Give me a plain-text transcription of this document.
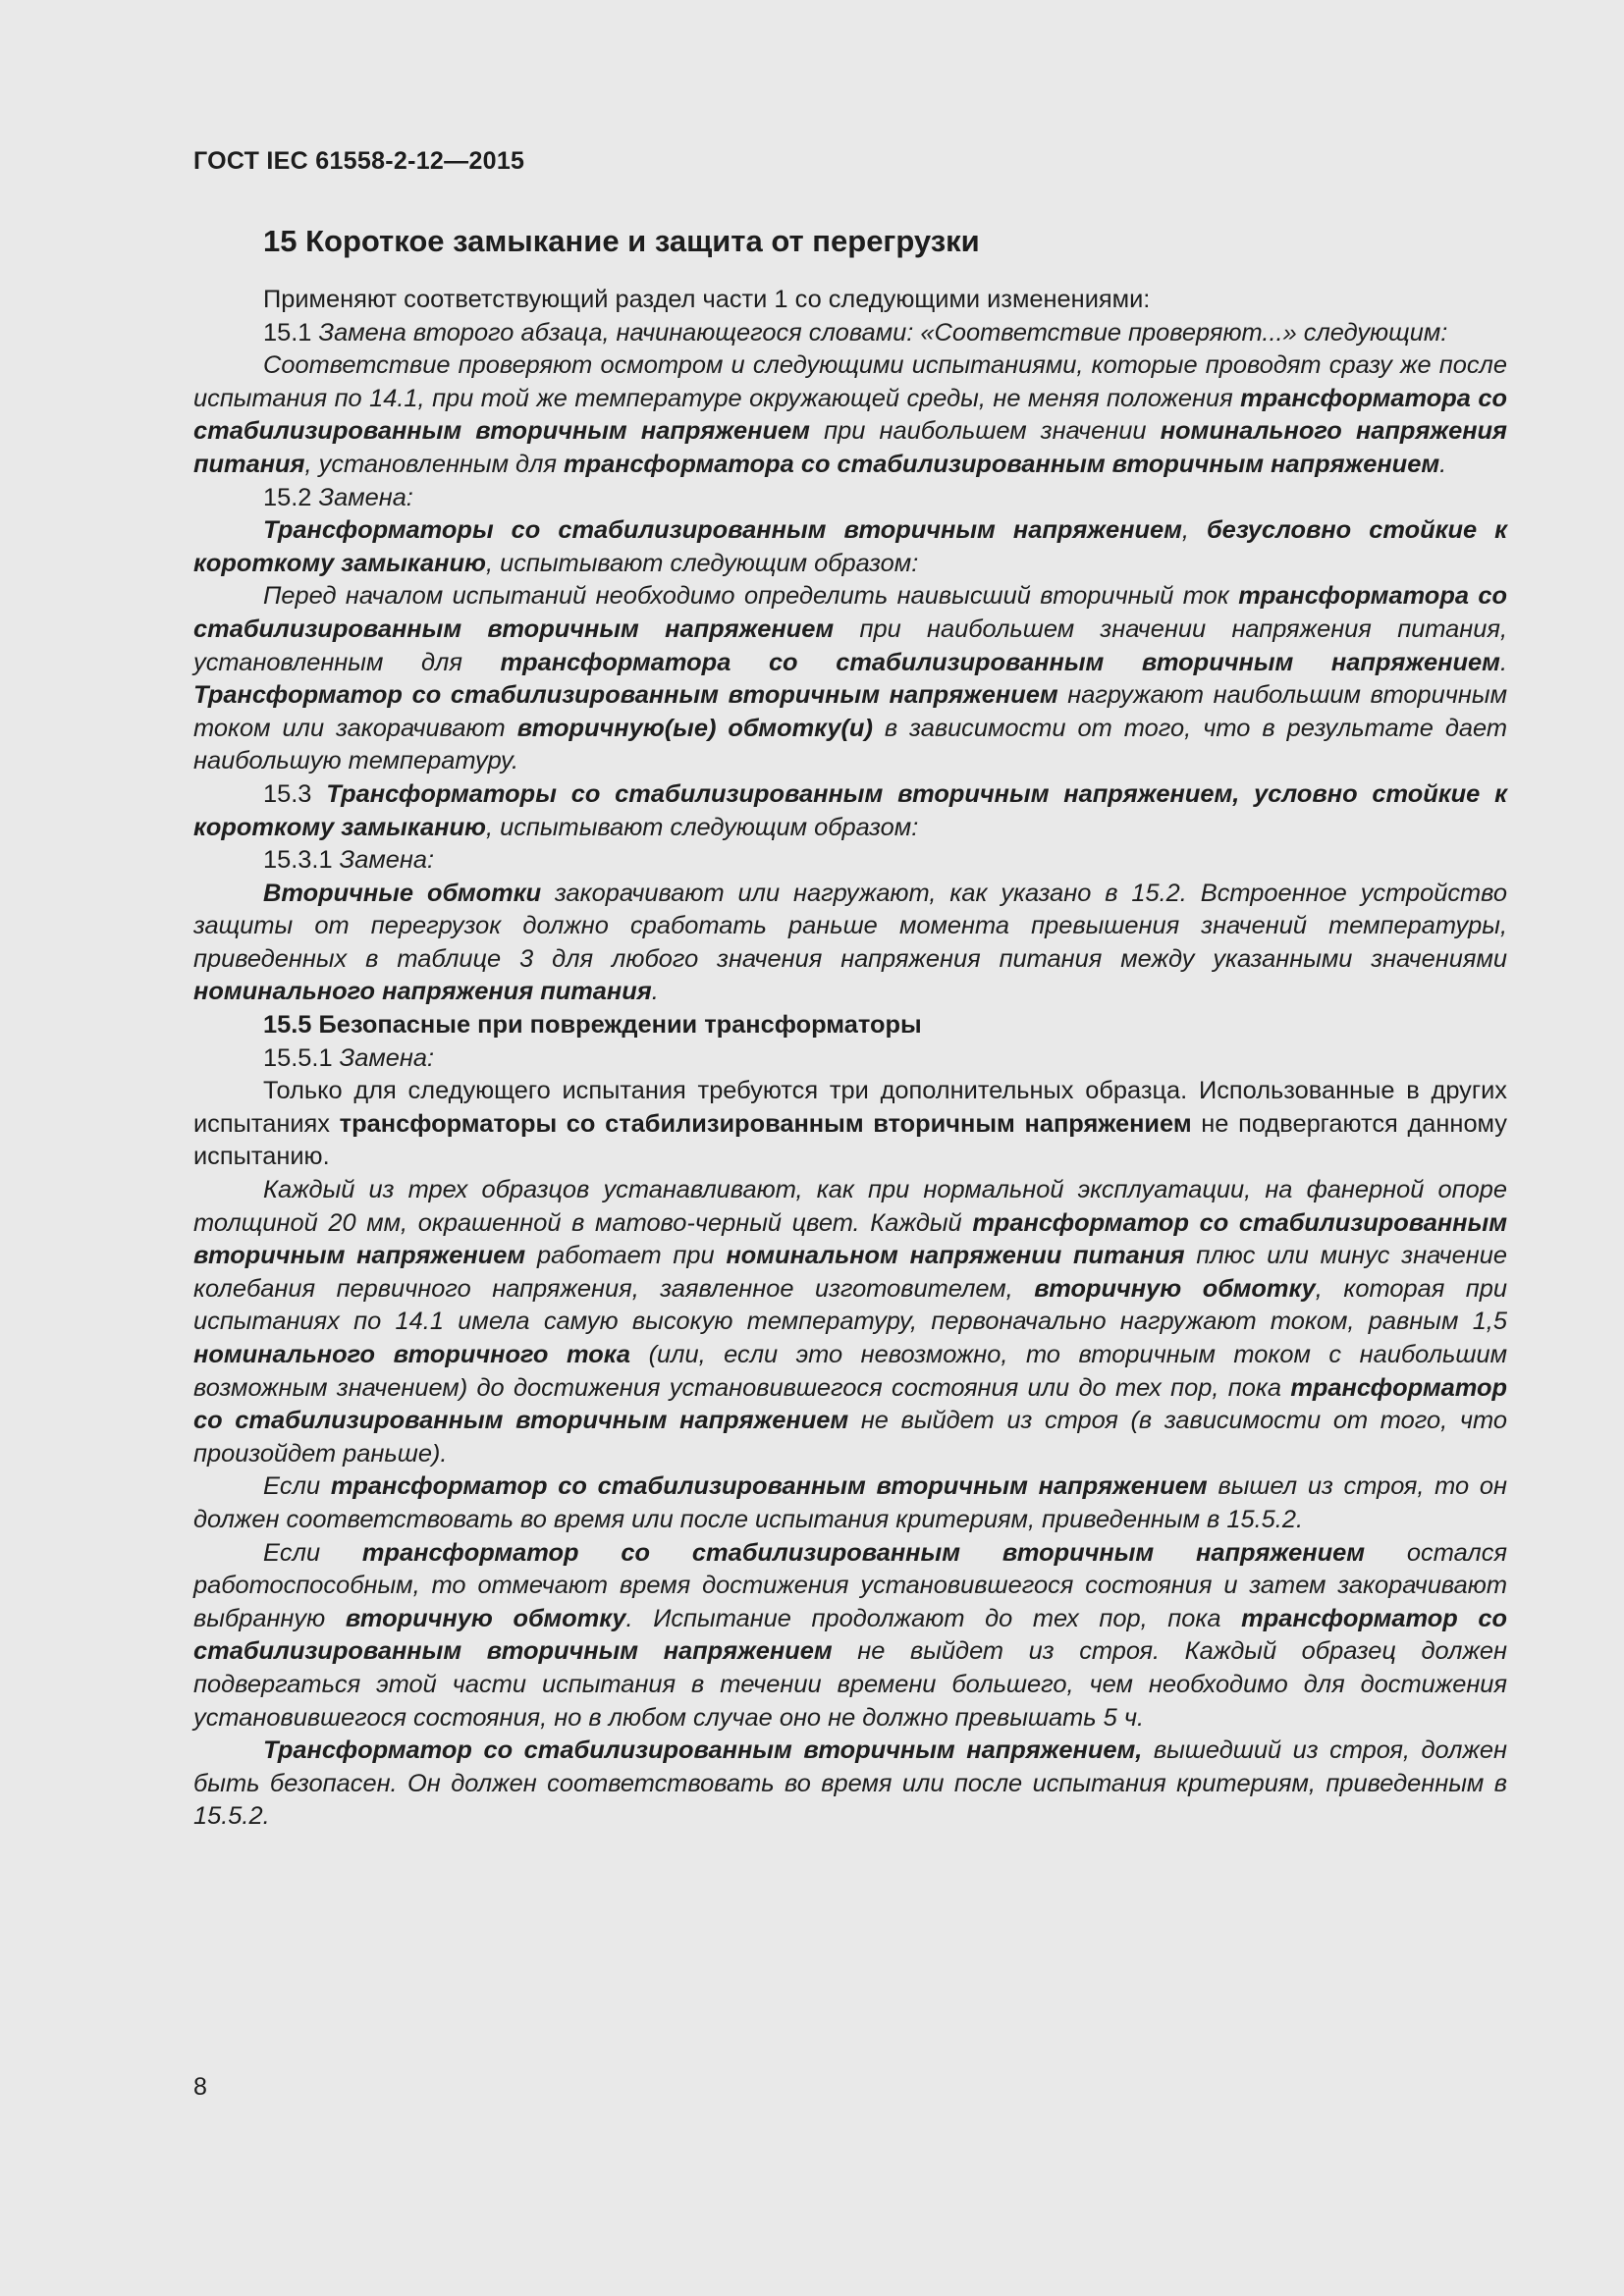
ГОСТ IEC 61558-2-12—2015
15 Короткое замыкание и защита от перегрузки

Применяют соответствующий раздел части 1 со следующими изменениями:

15.1 Замена второго абзаца, начинающегося словами: «Соответствие проверяют...» следующим:

Соответствие проверяют осмотром и следующими испытаниями, которые проводят сразу же после испытания по 14.1, при той же температуре окружающей среды, не меняя положения трансформатора со стабилизированным вторичным напряжением при наибольшем значении номинального напряжения питания, установленным для трансформатора со стабилизированным вторичным напряжением.

15.2 Замена:

Трансформаторы со стабилизированным вторичным напряжением, безусловно стойкие к короткому замыканию, испытывают следующим образом:

Перед началом испытаний необходимо определить наивысший вторичный ток трансформатора со стабилизированным вторичным напряжением при наибольшем значении напряжения питания, установленным для трансформатора со стабилизированным вторичным напряжением. Трансформатор со стабилизированным вторичным напряжением нагружают наибольшим вторичным током или закорачивают вторичную(ые) обмотку(и) в зависимости от того, что в результате дает наибольшую температуру.

15.3 Трансформаторы со стабилизированным вторичным напряжением, условно стойкие к короткому замыканию, испытывают следующим образом:

15.3.1 Замена:

Вторичные обмотки закорачивают или нагружают, как указано в 15.2. Встроенное устройство защиты от перегрузок должно сработать раньше момента превышения значений температуры, приведенных в таблице 3 для любого значения напряжения питания между указанными значениями номинального напряжения питания.

15.5 Безопасные при повреждении трансформаторы

15.5.1 Замена:

Только для следующего испытания требуются три дополнительных образца. Использованные в других испытаниях трансформаторы со стабилизированным вторичным напряжением не подвергаются данному испытанию.

Каждый из трех образцов устанавливают, как при нормальной эксплуатации, на фанерной опоре толщиной 20 мм, окрашенной в матово-черный цвет. Каждый трансформатор со стабилизированным вторичным напряжением работает при номинальном напряжении питания плюс или минус значение колебания первичного напряжения, заявленное изготовителем, вторичную обмотку, которая при испытаниях по 14.1 имела самую высокую температуру, первоначально нагружают током, равным 1,5 номинального вторичного тока (или, если это невозможно, то вторичным током с наибольшим возможным значением) до достижения установившегося состояния или до тех пор, пока трансформатор со стабилизированным вторичным напряжением не выйдет из строя (в зависимости от того, что произойдет раньше).

Если трансформатор со стабилизированным вторичным напряжением вышел из строя, то он должен соответствовать во время или после испытания критериям, приведенным в 15.5.2.

Если трансформатор со стабилизированным вторичным напряжением остался работоспособным, то отмечают время достижения установившегося состояния и затем закорачивают выбранную вторичную обмотку. Испытание продолжают до тех пор, пока трансформатор со стабилизированным вторичным напряжением не выйдет из строя. Каждый образец должен подвергаться этой части испытания в течении времени большего, чем необходимо для достижения установившегося состояния, но в любом случае оно не должно превышать 5 ч.

Трансформатор со стабилизированным вторичным напряжением, вышедший из строя, должен быть безопасен. Он должен соответствовать во время или после испытания критериям, приведенным в 15.5.2.

8
